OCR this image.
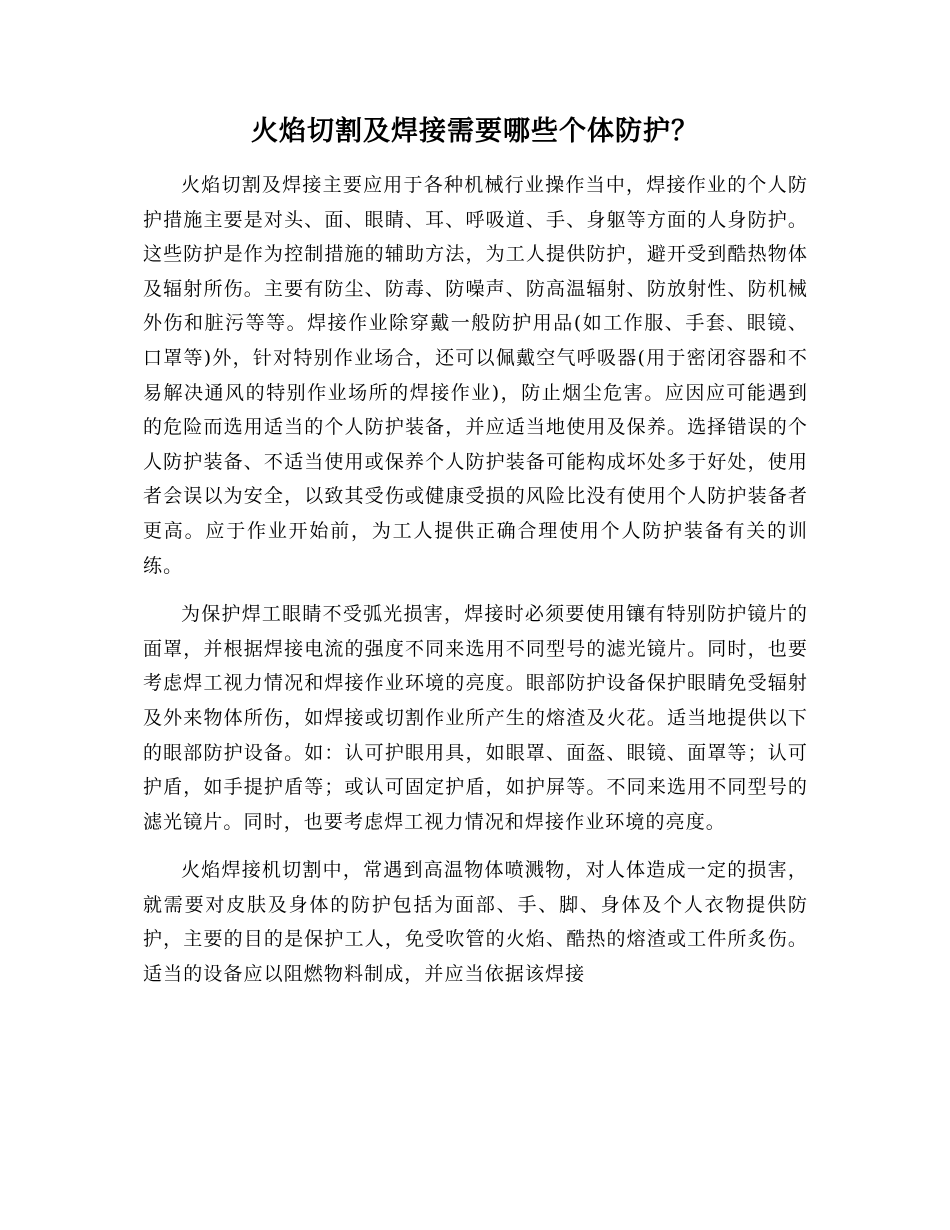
火焰切割及焊接需要哪些个体防护？

火焰切割及焊接主要应用于各种机械行业操作当中，焊接作业的个人防护措施主要是对头、面、眼睛、耳、呼吸道、手、身躯等方面的人身防护。这些防护是作为控制措施的辅助方法，为工人提供防护，避开受到酷热物体及辐射所伤。主要有防尘、防毒、防噪声、防高温辐射、防放射性、防机械外伤和脏污等等。焊接作业除穿戴一般防护用品(如工作服、手套、眼镜、口罩等)外，针对特别作业场合，还可以佩戴空气呼吸器(用于密闭容器和不易解决通风的特别作业场所的焊接作业)，防止烟尘危害。应因应可能遇到的危险而选用适当的个人防护装备，并应适当地使用及保养。选择错误的个人防护装备、不适当使用或保养个人防护装备可能构成坏处多于好处，使用者会误以为安全，以致其受伤或健康受损的风险比没有使用个人防护装备者更高。应于作业开始前，为工人提供正确合理使用个人防护装备有关的训练。

为保护焊工眼睛不受弧光损害，焊接时必须要使用镶有特别防护镜片的面罩，并根据焊接电流的强度不同来选用不同型号的滤光镜片。同时，也要考虑焊工视力情况和焊接作业环境的亮度。眼部防护设备保护眼睛免受辐射及外来物体所伤，如焊接或切割作业所产生的熔渣及火花。适当地提供以下的眼部防护设备。如：认可护眼用具，如眼罩、面盔、眼镜、面罩等；认可护盾，如手提护盾等；或认可固定护盾，如护屏等。不同来选用不同型号的滤光镜片。同时，也要考虑焊工视力情况和焊接作业环境的亮度。

火焰焊接机切割中，常遇到高温物体喷溅物，对人体造成一定的损害，就需要对皮肤及身体的防护包括为面部、手、脚、身体及个人衣物提供防护，主要的目的是保护工人，免受吹管的火焰、酷热的熔渣或工件所炙伤。适当的设备应以阻燃物料制成，并应当依据该焊接
